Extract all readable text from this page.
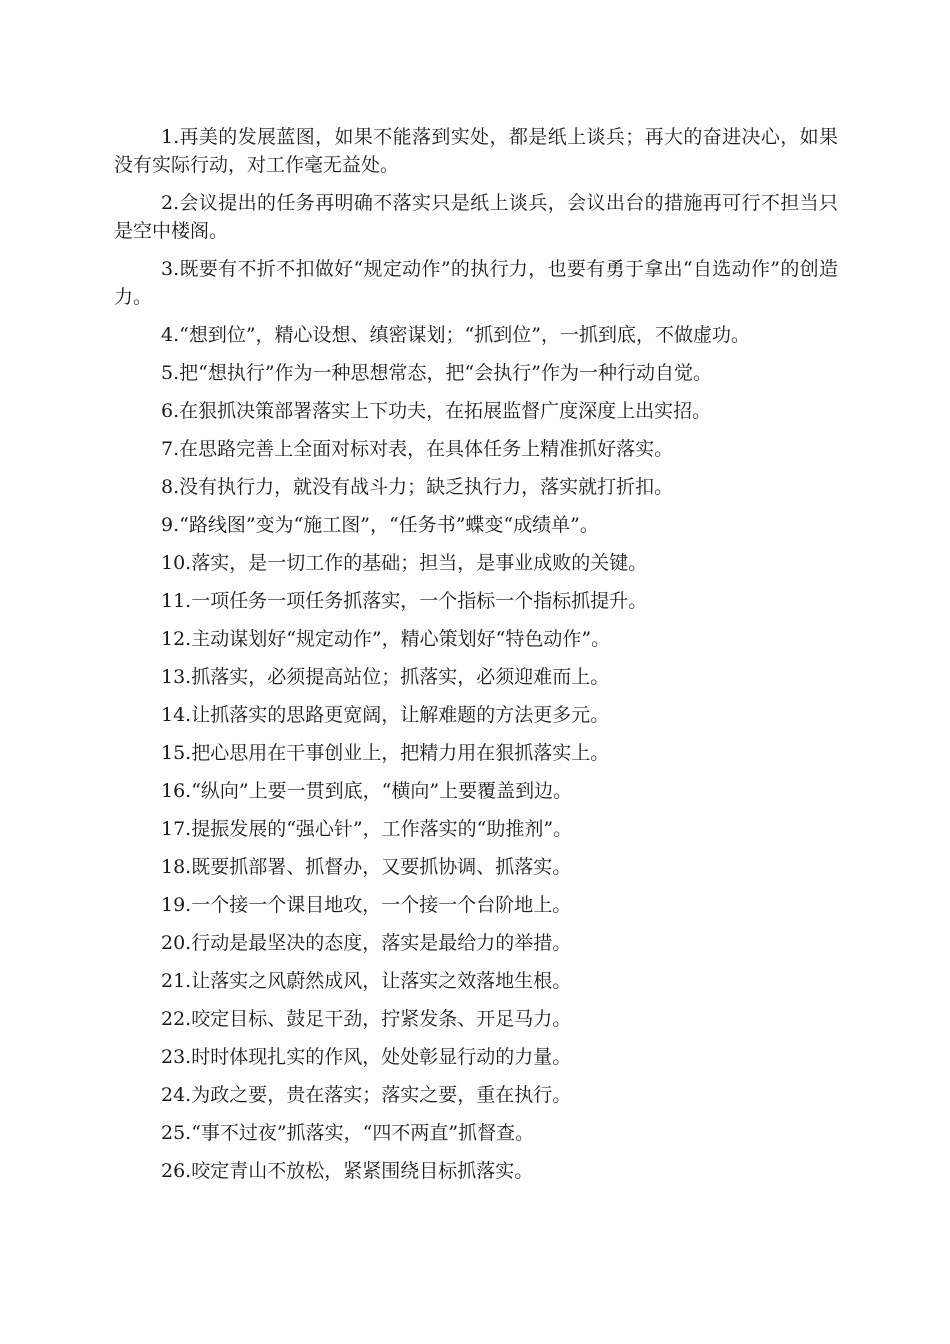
1.再美的发展蓝图，如果不能落到实处，都是纸上谈兵；再大的奋进决心，如果没有实际行动，对工作毫无益处。

2.会议提出的任务再明确不落实只是纸上谈兵，会议出台的措施再可行不担当只是空中楼阁。

3.既要有不折不扣做好“规定动作”的执行力，也要有勇于拿出“自选动作”的创造力。

4.“想到位”，精心设想、缜密谋划；“抓到位”，一抓到底，不做虚功。

5.把“想执行”作为一种思想常态，把“会执行”作为一种行动自觉。

6.在狠抓决策部署落实上下功夫，在拓展监督广度深度上出实招。

7.在思路完善上全面对标对表，在具体任务上精准抓好落实。

8.没有执行力，就没有战斗力；缺乏执行力，落实就打折扣。

9.“路线图”变为“施工图”，“任务书”蝶变“成绩单”。

10.落实，是一切工作的基础；担当，是事业成败的关键。

11.一项任务一项任务抓落实，一个指标一个指标抓提升。

12.主动谋划好“规定动作”，精心策划好“特色动作”。

13.抓落实，必须提高站位；抓落实，必须迎难而上。

14.让抓落实的思路更宽阔，让解难题的方法更多元。

15.把心思用在干事创业上，把精力用在狠抓落实上。

16.“纵向”上要一贯到底，“横向”上要覆盖到边。

17.提振发展的“强心针”，工作落实的“助推剂”。

18.既要抓部署、抓督办，又要抓协调、抓落实。

19.一个接一个课目地攻，一个接一个台阶地上。

20.行动是最坚决的态度，落实是最给力的举措。

21.让落实之风蔚然成风，让落实之效落地生根。

22.咬定目标、鼓足干劲，拧紧发条、开足马力。

23.时时体现扎实的作风，处处彰显行动的力量。

24.为政之要，贵在落实；落实之要，重在执行。

25.“事不过夜”抓落实，“四不两直”抓督查。

26.咬定青山不放松，紧紧围绕目标抓落实。
